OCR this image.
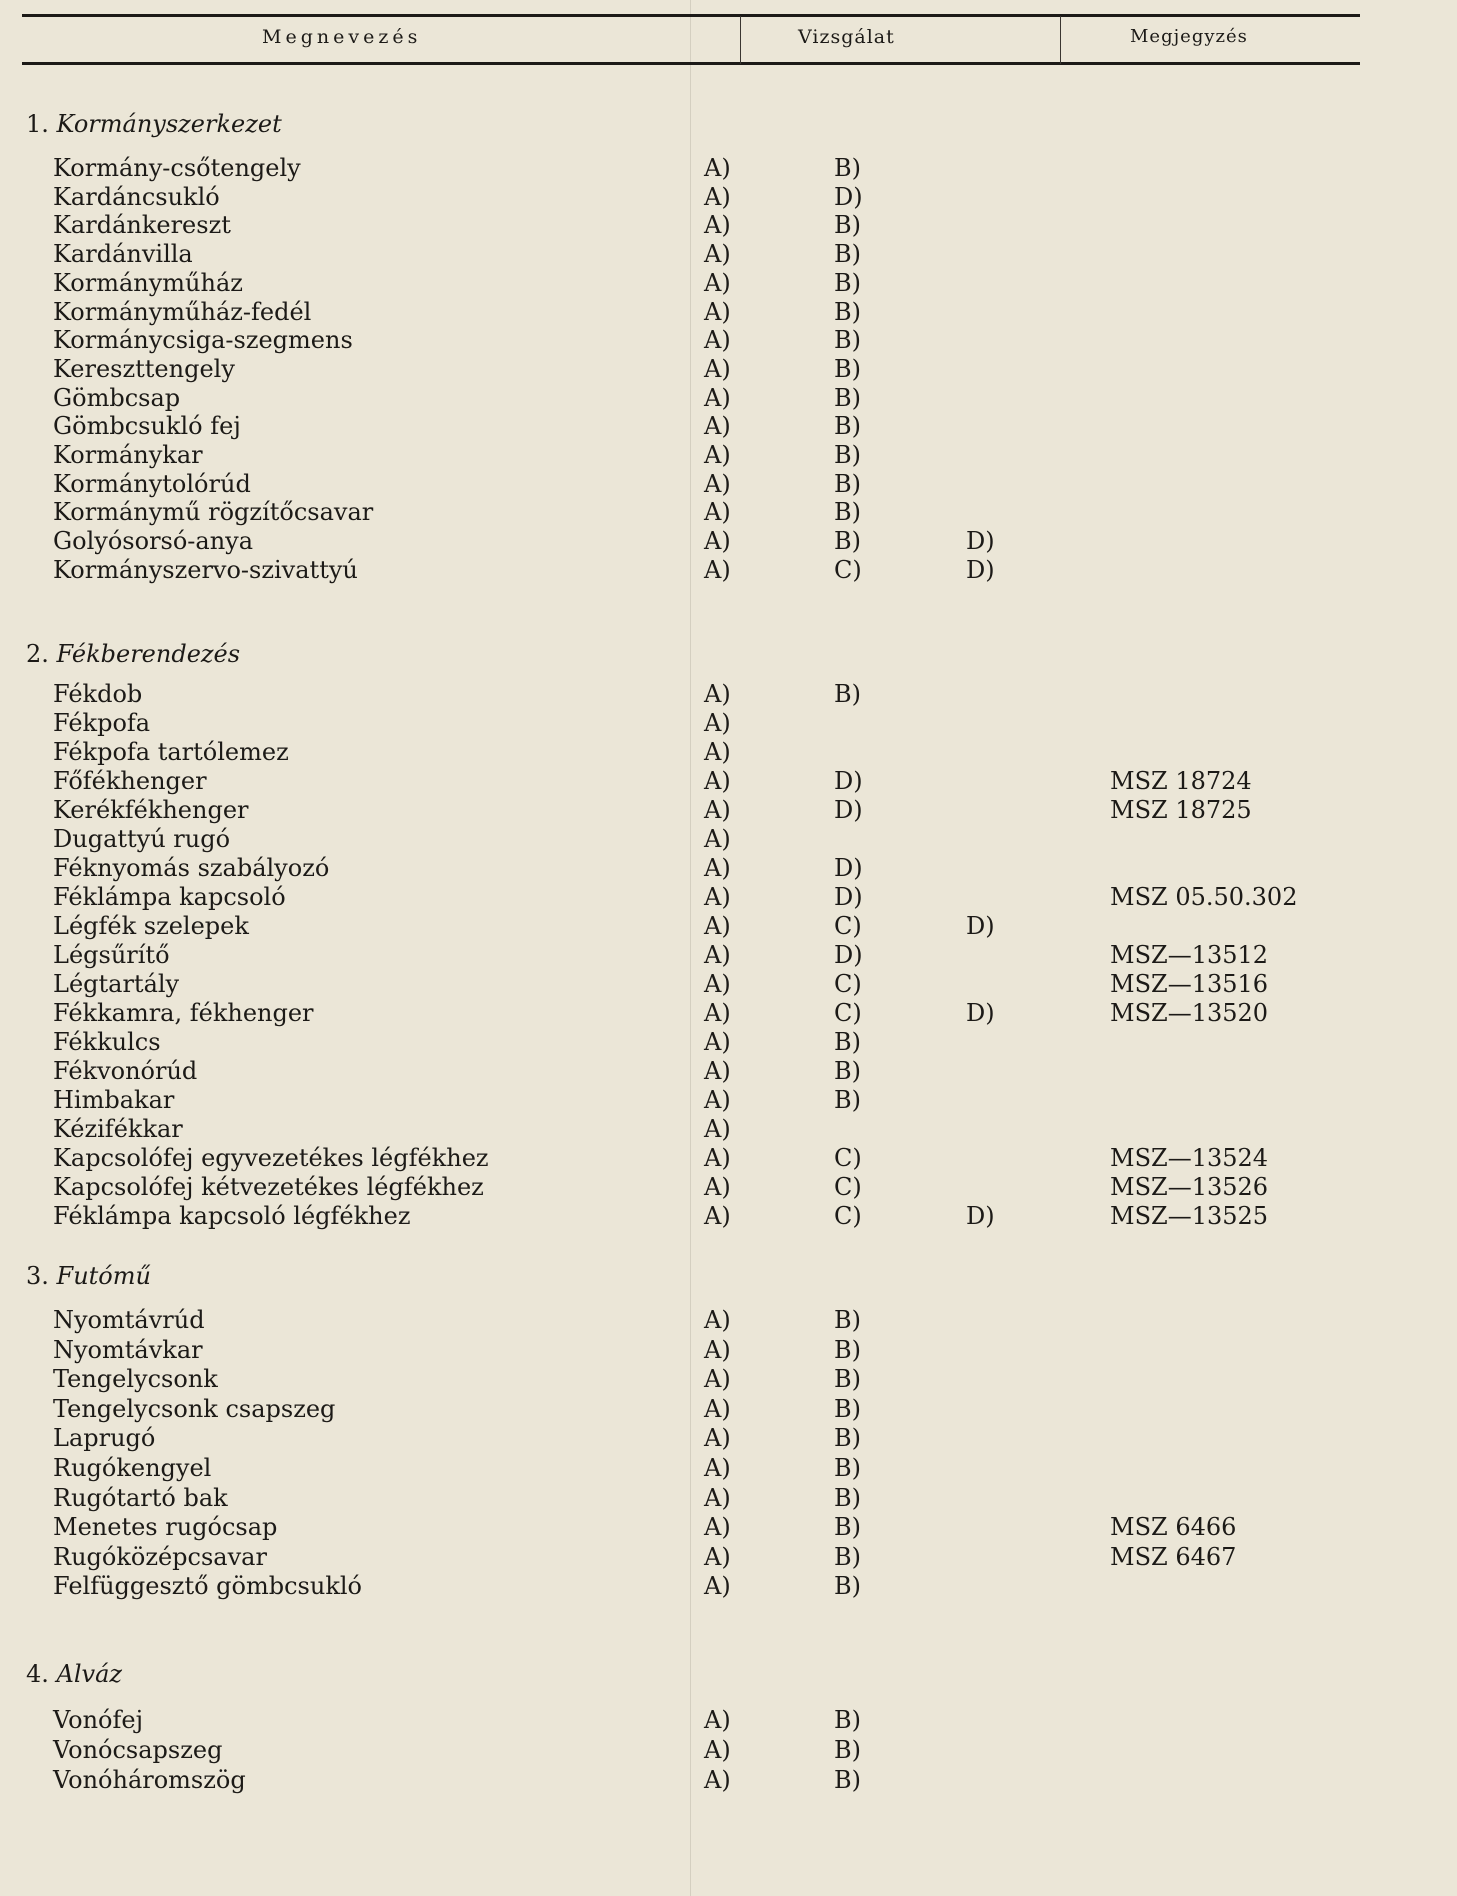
Megnevezés	Vizsgálat	Megjegyzés
1. Kormányszerkezet
Kormány-csőtengely	A)	B)
Kardáncsukló	A)	D)
Kardánkereszt	A)	B)
Kardánvilla	A)	B)
Kormányműház	A)	B)
Kormányműház-fedél	A)	B)
Kormánycsiga-szegmens	A)	B)
Kereszttengely	A)	B)
Gömbcsap	A)	B)
Gömbcsukló fej	A)	B)
Kormánykar	A)	B)
Kormánytolórúd	A)	B)
Kormánymű rögzítőcsavar	A)	B)
Golyósorsó-anya	A)	B)	D)
Kormányszervo-szivattyú	A)	C)	D)
2. Fékberendezés
Fékdob	A)	B)
Fékpofa	A)
Fékpofa tartólemez	A)
Főfékhenger	A)	D)	MSZ 18724
Kerékfékhenger	A)	D)	MSZ 18725
Dugattyú rugó	A)
Féknyomás szabályozó	A)	D)
Féklámpa kapcsoló	A)	D)	MSZ 05.50.302
Légfék szelepek	A)	C)	D)
Légsűrítő	A)	D)	MSZ—13512
Légtartály	A)	C)	MSZ—13516
Fékkamra, fékhenger	A)	C)	D)	MSZ—13520
Fékkulcs	A)	B)
Fékvonórúd	A)	B)
Himbakar	A)	B)
Kézifékkar	A)
Kapcsolófej egyvezetékes légfékhez	A)	C)	MSZ—13524
Kapcsolófej kétvezetékes légfékhez	A)	C)	MSZ—13526
Féklámpa kapcsoló légfékhez	A)	C)	D)	MSZ—13525
3. Futómű
Nyomtávrúd	A)	B)
Nyomtávkar	A)	B)
Tengelycsonk	A)	B)
Tengelycsonk csapszeg	A)	B)
Laprugó	A)	B)
Rugókengyel	A)	B)
Rugótartó bak	A)	B)
Menetes rugócsap	A)	B)	MSZ 6466
Rugóközépcsavar	A)	B)	MSZ 6467
Felfüggesztő gömbcsukló	A)	B)
4. Alváz
Vonófej	A)	B)
Vonócsapszeg	A)	B)
Vonóháromszög	A)	B)
